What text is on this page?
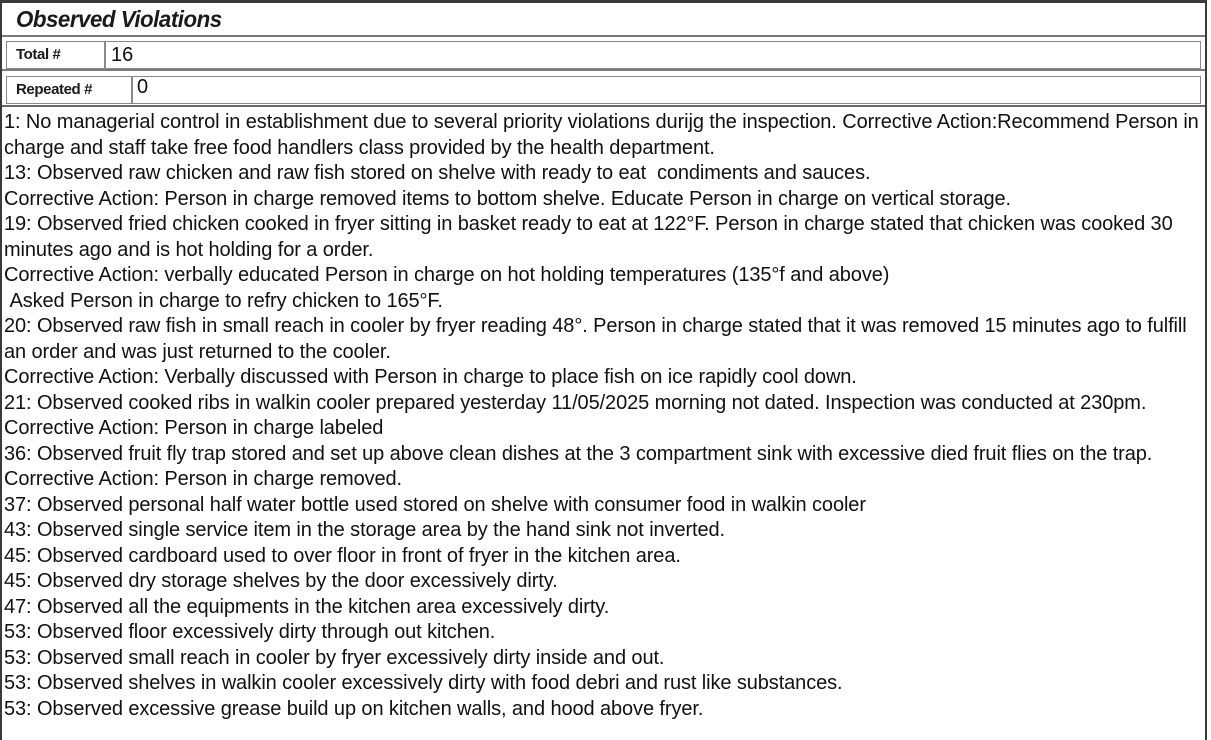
Observed Violations
Total #	16
Repeated #	0
1: No managerial control in establishment due to several priority violations durijg the inspection. Corrective Action:Recommend Person in charge and staff take free food handlers class provided by the health department.
13: Observed raw chicken and raw fish stored on shelve with ready to eat  condiments and sauces.
Corrective Action: Person in charge removed items to bottom shelve. Educate Person in charge on vertical storage.
19: Observed fried chicken cooked in fryer sitting in basket ready to eat at 122°F. Person in charge stated that chicken was cooked 30 minutes ago and is hot holding for a order.
Corrective Action: verbally educated Person in charge on hot holding temperatures (135°f and above)
Asked Person in charge to refry chicken to 165°F.
20: Observed raw fish in small reach in cooler by fryer reading 48°. Person in charge stated that it was removed 15 minutes ago to fulfill an order and was just returned to the cooler.
Corrective Action: Verbally discussed with Person in charge to place fish on ice rapidly cool down.
21: Observed cooked ribs in walkin cooler prepared yesterday 11/05/2025 morning not dated. Inspection was conducted at 230pm.
Corrective Action: Person in charge labeled
36: Observed fruit fly trap stored and set up above clean dishes at the 3 compartment sink with excessive died fruit flies on the trap. Corrective Action: Person in charge removed.
37: Observed personal half water bottle used stored on shelve with consumer food in walkin cooler
43: Observed single service item in the storage area by the hand sink not inverted.
45: Observed cardboard used to over floor in front of fryer in the kitchen area.
45: Observed dry storage shelves by the door excessively dirty.
47: Observed all the equipments in the kitchen area excessively dirty.
53: Observed floor excessively dirty through out kitchen.
53: Observed small reach in cooler by fryer excessively dirty inside and out.
53: Observed shelves in walkin cooler excessively dirty with food debri and rust like substances.
53: Observed excessive grease build up on kitchen walls, and hood above fryer.
